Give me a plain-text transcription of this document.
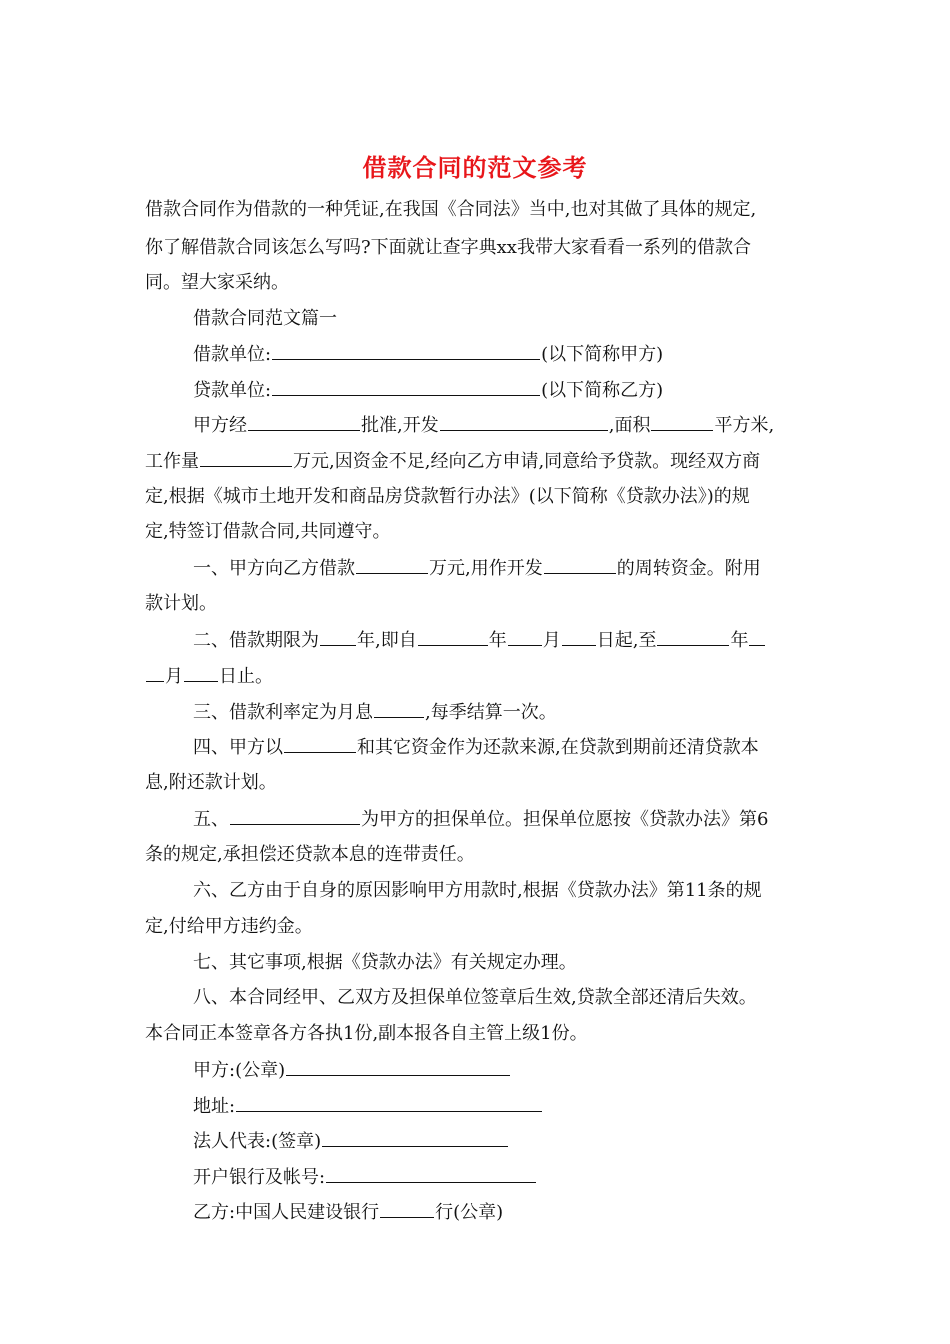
借款合同的范文参考
借款合同作为借款的一种凭证,在我国《合同法》当中,也对其做了具体的规定,
你了解借款合同该怎么写吗?下面就让查字典xx我带大家看看一系列的借款合
同。望大家采纳。
借款合同范文篇一
借款单位:	(以下简称甲方)
贷款单位:	(以下简称乙方)
甲方经	批准,开发	,面积	平方米,
工作量	万元,因资金不足,经向乙方申请,同意给予贷款。现经双方商
定,根据《城市土地开发和商品房贷款暂行办法》(以下简称《贷款办法》)的规
定,特签订借款合同,共同遵守。
一、甲方向乙方借款	万元,用作开发	的周转资金。附用
款计划。
二、借款期限为 年,即自	年 月 日起,至	年
月 日止。
三、借款利率定为月息	,每季结算一次。
四、甲方以	和其它资金作为还款来源,在贷款到期前还清贷款本
息,附还款计划。
五、	为甲方的担保单位。担保单位愿按《贷款办法》第6
条的规定,承担偿还贷款本息的连带责任。
六、乙方由于自身的原因影响甲方用款时,根据《贷款办法》第11条的规
定,付给甲方违约金。
七、其它事项,根据《贷款办法》有关规定办理。
八、本合同经甲、乙双方及担保单位签章后生效,贷款全部还清后失效。
本合同正本签章各方各执1份,副本报各自主管上级1份。
甲方:(公章)
地址:
法人代表:(签章)
开户银行及帐号:
乙方:中国人民建设银行	行(公章)
